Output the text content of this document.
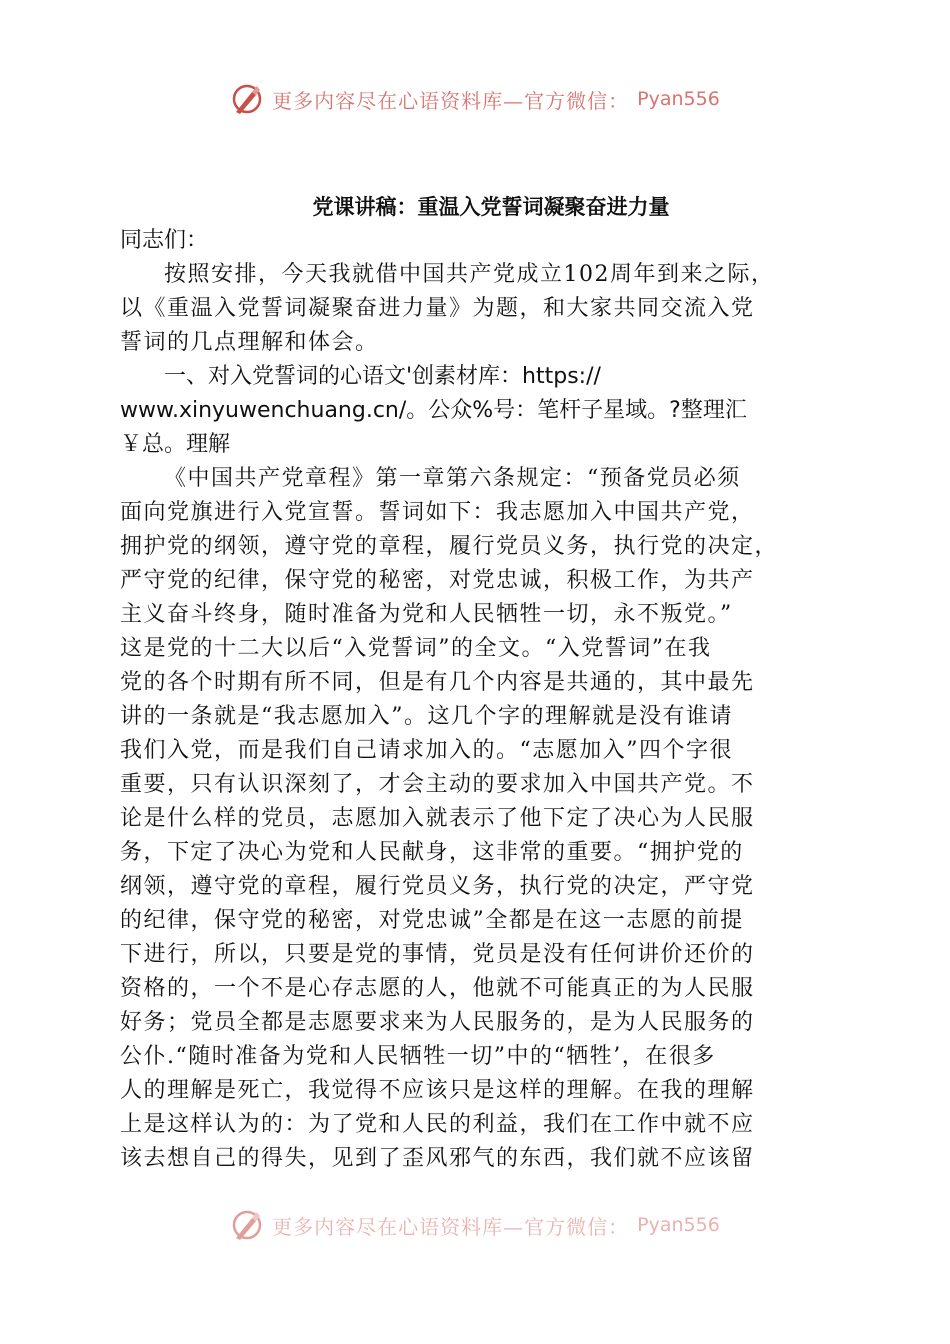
更多内容尽在心语资料库—官方微信： Pyan556

党课讲稿：重温入党誓词凝聚奋进力量

同志们：

按照安排，今天我就借中国共产党成立102周年到来之际，
以《重温入党誓词凝聚奋进力量》为题，和大家共同交流入党
誓词的几点理解和体会。

一、对入党誓词的心语文'创素材库：https://
www.xinyuwenchuang.cn/。公众%号：笔杆子星域。?整理汇
￥总。理解

《中国共产党章程》第一章第六条规定：“预备党员必须
面向党旗进行入党宣誓。誓词如下：我志愿加入中国共产党，
拥护党的纲领，遵守党的章程，履行党员义务，执行党的决定，
严守党的纪律，保守党的秘密，对党忠诚，积极工作，为共产
主义奋斗终身，随时准备为党和人民牺牲一切，永不叛党。”
这是党的十二大以后“入党誓词”的全文。“入党誓词”在我
党的各个时期有所不同，但是有几个内容是共通的，其中最先
讲的一条就是“我志愿加入”。这几个字的理解就是没有谁请
我们入党，而是我们自己请求加入的。“志愿加入”四个字很
重要，只有认识深刻了，才会主动的要求加入中国共产党。不
论是什么样的党员，志愿加入就表示了他下定了决心为人民服
务，下定了决心为党和人民献身，这非常的重要。“拥护党的
纲领，遵守党的章程，履行党员义务，执行党的决定，严守党
的纪律，保守党的秘密，对党忠诚”全都是在这一志愿的前提
下进行，所以，只要是党的事情，党员是没有任何讲价还价的
资格的，一个不是心存志愿的人，他就不可能真正的为人民服
好务；党员全都是志愿要求来为人民服务的，是为人民服务的
公仆.“随时准备为党和人民牺牲一切”中的“牺牲’，在很多
人的理解是死亡，我觉得不应该只是这样的理解。在我的理解
上是这样认为的：为了党和人民的利益，我们在工作中就不应
该去想自己的得失，见到了歪风邪气的东西，我们就不应该留

更多内容尽在心语资料库—官方微信： Pyan556
